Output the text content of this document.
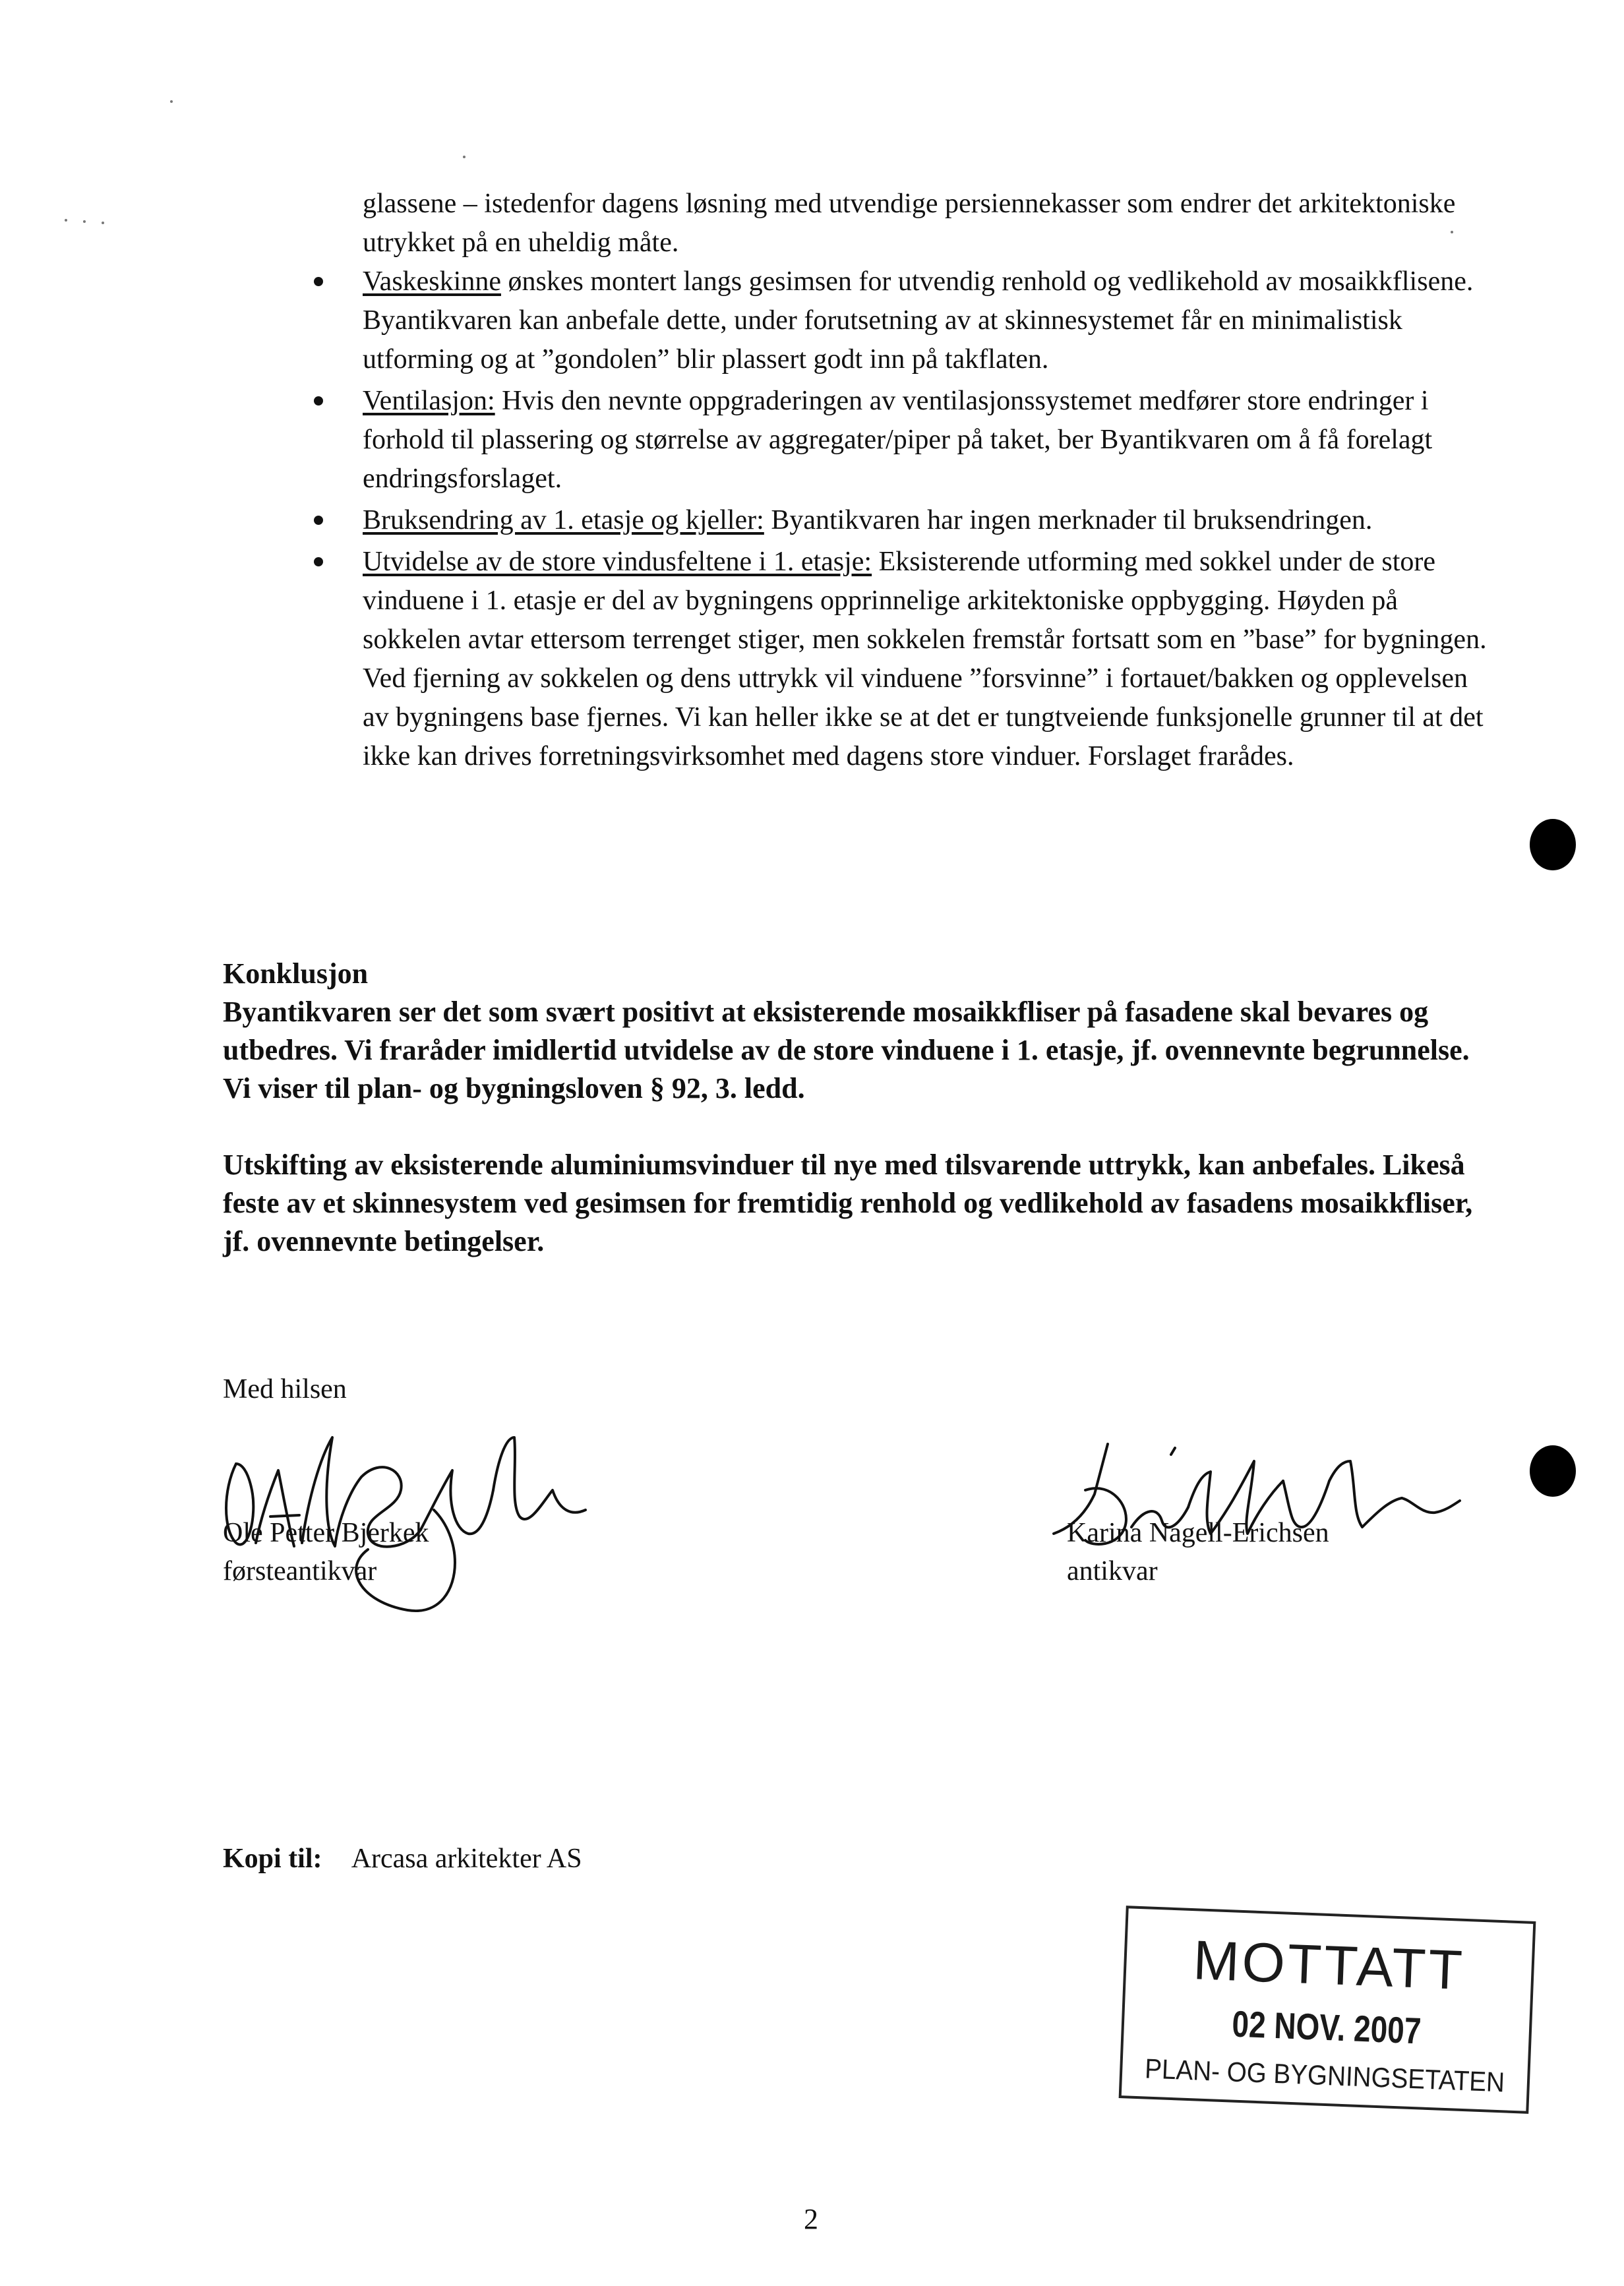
glassene – istedenfor dagens løsning med utvendige persiennekasser som endrer det arkitektoniske utrykket på en uheldig måte.

Vaskeskinne ønskes montert langs gesimsen for utvendig renhold og vedlikehold av mosaikkflisene. Byantikvaren kan anbefale dette, under forutsetning av at skinnesystemet får en minimalistisk utforming og at ”gondolen” blir plassert godt inn på takflaten.
Ventilasjon: Hvis den nevnte oppgraderingen av ventilasjonssystemet medfører store endringer i forhold til plassering og størrelse av aggregater/piper på taket, ber Byantikvaren om å få forelagt endringsforslaget.
Bruksendring av 1. etasje og kjeller: Byantikvaren har ingen merknader til bruksendringen.
Utvidelse av de store vindusfeltene i 1. etasje: Eksisterende utforming med sokkel under de store vinduene i 1. etasje er del av bygningens opprinnelige arkitektoniske oppbygging. Høyden på sokkelen avtar ettersom terrenget stiger, men sokkelen fremstår fortsatt som en ”base” for bygningen. Ved fjerning av sokkelen og dens uttrykk vil vinduene ”forsvinne” i fortauet/bakken og opplevelsen av bygningens base fjernes. Vi kan heller ikke se at det er tungtveiende funksjonelle grunner til at det ikke kan drives forretningsvirksomhet med dagens store vinduer. Forslaget frarådes.
Konklusjon

Byantikvaren ser det som svært positivt at eksisterende mosaikkfliser på fasadene skal bevares og utbedres. Vi fraråder imidlertid utvidelse av de store vinduene i 1. etasje, jf. ovennevnte begrunnelse. Vi viser til plan- og bygningsloven § 92, 3. ledd.

Utskifting av eksisterende aluminiumsvinduer til nye med tilsvarende uttrykk, kan anbefales. Likeså feste av et skinnesystem ved gesimsen for fremtidig renhold og vedlikehold av fasadens mosaikkfliser, jf. ovennevnte betingelser.

Med hilsen
Ole Petter Bjerkek
førsteantikvar
Karina Nagell-Erichsen
antikvar
Kopi til: Arcasa arkitekter AS
MOTTATT
02 NOV. 2007
PLAN- OG BYGNINGSETATEN
2
